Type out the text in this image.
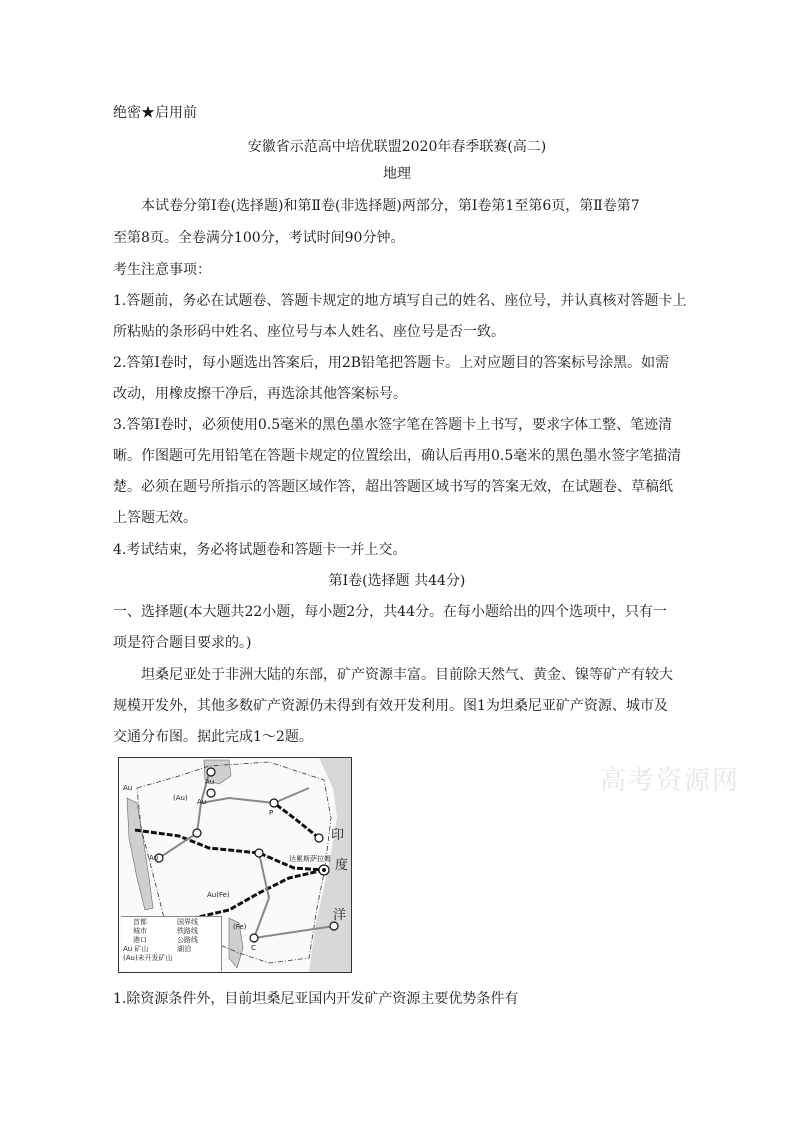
绝密★启用前
安徽省示范高中培优联盟2020年春季联赛(高二)
地理
本试卷分第Ⅰ卷(选择题)和第Ⅱ卷(非选择题)两部分，第Ⅰ卷第1至第6页，第Ⅱ卷第7
至第8页。全卷满分100分，考试时间90分钟。
考生注意事项：
1.答题前，务必在试题卷、答题卡规定的地方填写自己的姓名、座位号，并认真核对答题卡上
所粘贴的条形码中姓名、座位号与本人姓名、座位号是否一致。
2.答第Ⅰ卷时，每小题选出答案后，用2B铅笔把答题卡。上对应题目的答案标号涂黑。如需
改动，用橡皮擦干净后，再选涂其他答案标号。
3.答第Ⅰ卷时，必须使用0.5毫米的黑色墨水签字笔在答题卡上书写，要求字体工整、笔迹清
晰。作图题可先用铅笔在答题卡规定的位置绘出，确认后再用0.5毫米的黑色墨水签字笔描清
楚。必须在题号所指示的答题区域作答，超出答题区域书写的答案无效，在试题卷、草稿纸
上答题无效。
4.考试结束，务必将试题卷和答题卡一并上交。
第Ⅰ卷(选择题 共44分)
一、选择题(本大题共22小题，每小题2分，共44分。在每小题给出的四个选项中，只有一
项是符合题目要求的。)
坦桑尼亚处于非洲大陆的东部，矿产资源丰富。目前除天然气、黄金、镍等矿产有较大
规模开发外，其他多数矿产资源仍未得到有效开发利用。图1为坦桑尼亚矿产资源、城市及
交通分布图。据此完成1～2题。
高考资源网
Au
(Au) Au
Au
P
Au
Au(Fe)
(Fe)
C
达累斯萨拉姆
印
度
洋
首都
城市
港口
Au 矿山
(Au)未开发矿山
国界线
铁路线
公路线
湖泊
1.除资源条件外，目前坦桑尼亚国内开发矿产资源主要优势条件有
